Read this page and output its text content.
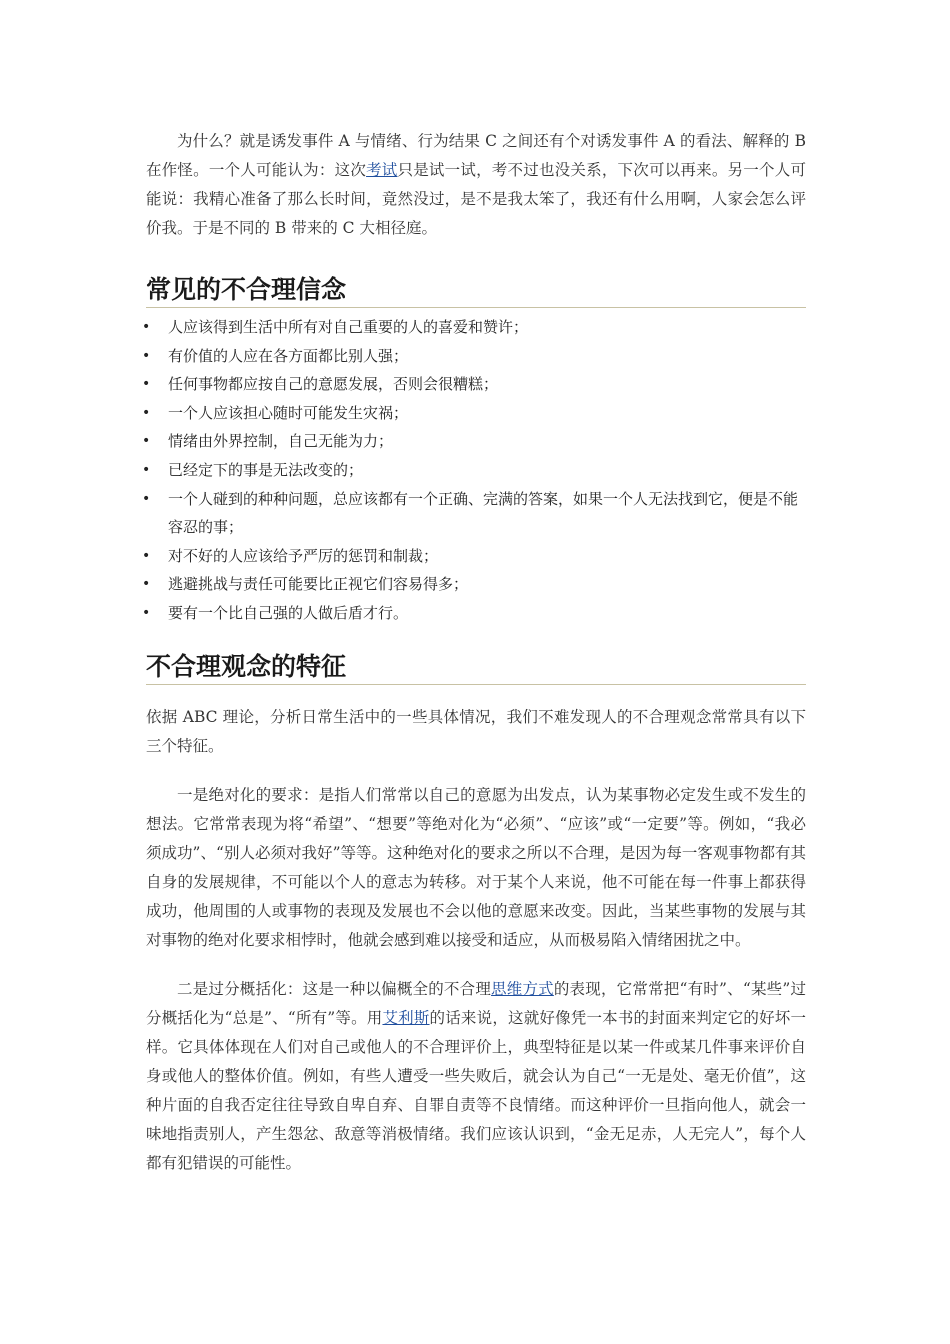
为什么？就是诱发事件 A 与情绪、行为结果 C 之间还有个对诱发事件 A 的看法、解释的 B 在作怪。一个人可能认为：这次考试只是试一试，考不过也没关系，下次可以再来。另一个人可能说：我精心准备了那么长时间，竟然没过，是不是我太笨了，我还有什么用啊，人家会怎么评价我。于是不同的 B 带来的 C 大相径庭。

常见的不合理信念
• 人应该得到生活中所有对自己重要的人的喜爱和赞许；
• 有价值的人应在各方面都比别人强；
• 任何事物都应按自己的意愿发展，否则会很糟糕；
• 一个人应该担心随时可能发生灾祸；
• 情绪由外界控制，自己无能为力；
• 已经定下的事是无法改变的；
• 一个人碰到的种种问题，总应该都有一个正确、完满的答案，如果一个人无法找到它，便是不能容忍的事；
• 对不好的人应该给予严厉的惩罚和制裁；
• 逃避挑战与责任可能要比正视它们容易得多；
• 要有一个比自己强的人做后盾才行。
不合理观念的特征

依据 ABC 理论，分析日常生活中的一些具体情况，我们不难发现人的不合理观念常常具有以下三个特征。

一是绝对化的要求：是指人们常常以自己的意愿为出发点，认为某事物必定发生或不发生的想法。它常常表现为将“希望”、“想要”等绝对化为“必须”、“应该”或“一定要”等。例如，“我必须成功”、“别人必须对我好”等等。这种绝对化的要求之所以不合理，是因为每一客观事物都有其自身的发展规律，不可能以个人的意志为转移。对于某个人来说，他不可能在每一件事上都获得成功，他周围的人或事物的表现及发展也不会以他的意愿来改变。因此，当某些事物的发展与其对事物的绝对化要求相悖时，他就会感到难以接受和适应，从而极易陷入情绪困扰之中。

二是过分概括化：这是一种以偏概全的不合理思维方式的表现，它常常把“有时”、“某些”过分概括化为“总是”、“所有”等。用艾利斯的话来说，这就好像凭一本书的封面来判定它的好坏一样。它具体体现在人们对自己或他人的不合理评价上，典型特征是以某一件或某几件事来评价自身或他人的整体价值。例如，有些人遭受一些失败后，就会认为自己“一无是处、毫无价值”，这种片面的自我否定往往导致自卑自弃、自罪自责等不良情绪。而这种评价一旦指向他人，就会一味地指责别人，产生怨忿、敌意等消极情绪。我们应该认识到，“金无足赤，人无完人”，每个人都有犯错误的可能性。
